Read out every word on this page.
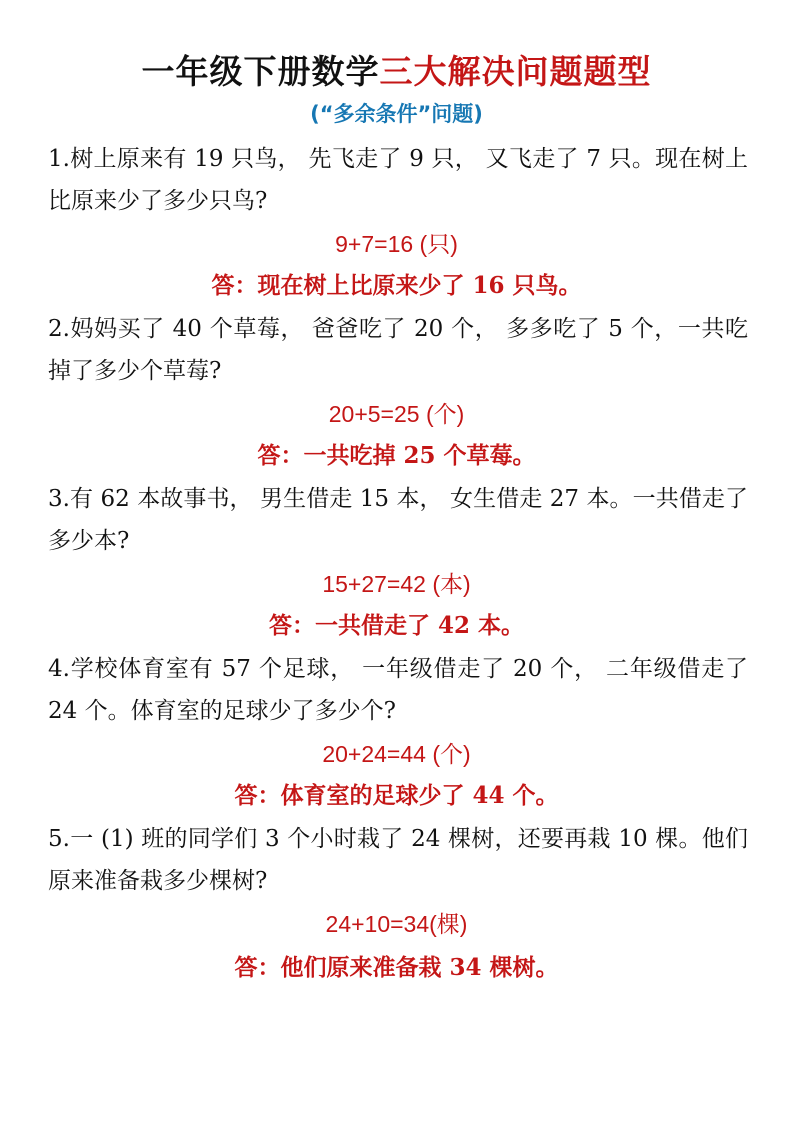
一年级下册数学三大解决问题题型
(“多余条件”问题)
1.树上原来有 19 只鸟， 先飞走了 9 只， 又飞走了 7 只。现在树上比原来少了多少只鸟?
9+7=16 (只)
答：现在树上比原来少了 16 只鸟。
2.妈妈买了 40 个草莓， 爸爸吃了 20 个， 多多吃了 5 个，一共吃掉了多少个草莓?
20+5=25 (个)
答：一共吃掉 25 个草莓。
3.有 62 本故事书， 男生借走 15 本， 女生借走 27 本。一共借走了多少本?
15+27=42 (本)
答：一共借走了 42 本。
4.学校体育室有 57 个足球， 一年级借走了 20 个， 二年级借走了 24 个。体育室的足球少了多少个?
20+24=44 (个)
答：体育室的足球少了 44 个。
5.一 (1) 班的同学们 3 个小时栽了 24 棵树，还要再栽 10 棵。他们原来准备栽多少棵树?
24+10=34(棵)
答：他们原来准备栽 34 棵树。
